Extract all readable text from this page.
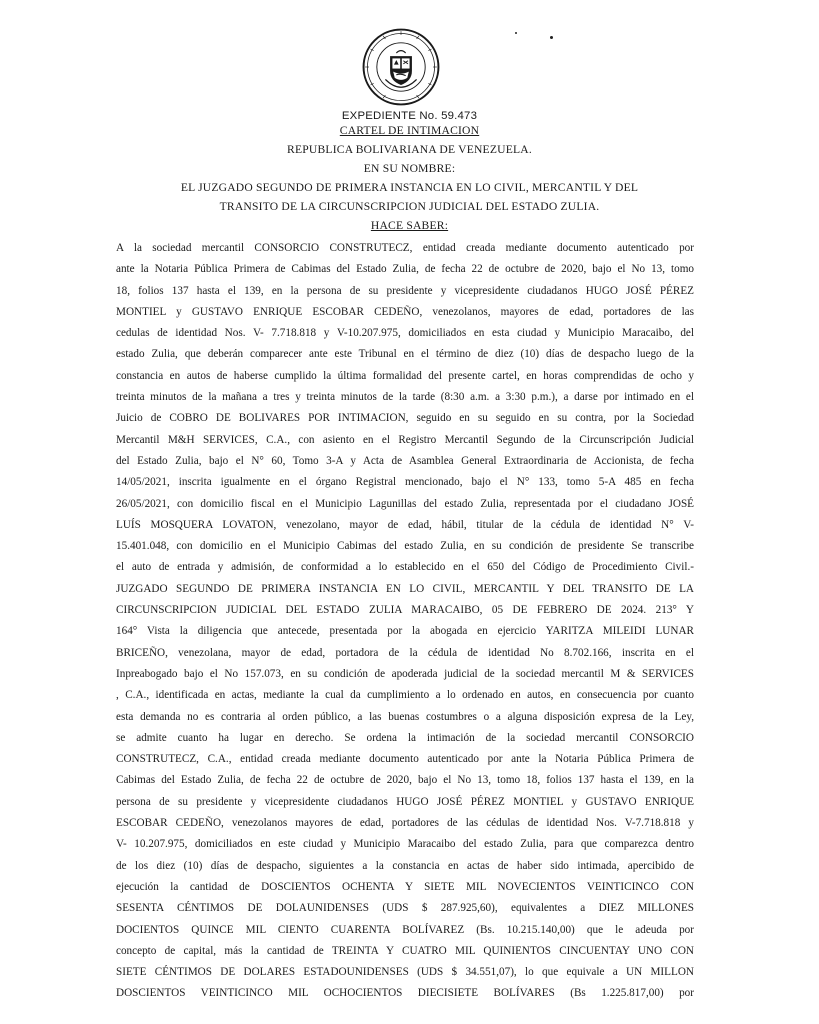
EXPEDIENTE No. 59.473
CARTEL DE INTIMACION
REPUBLICA BOLIVARIANA DE VENEZUELA.
EN SU NOMBRE:
EL JUZGADO SEGUNDO DE PRIMERA INSTANCIA EN LO CIVIL, MERCANTIL Y DEL
TRANSITO DE LA CIRCUNSCRIPCION JUDICIAL DEL ESTADO ZULIA.
HACE SABER:
A la sociedad mercantil CONSORCIO CONSTRUTECZ, entidad creada mediante documento autenticado por
ante la Notaria Pública Primera de Cabimas del Estado Zulia, de fecha 22 de octubre de 2020, bajo el No 13, tomo
18, folios 137 hasta el 139, en la persona de su presidente y vicepresidente ciudadanos HUGO JOSÉ PÉREZ
MONTIEL y GUSTAVO ENRIQUE ESCOBAR CEDEÑO, venezolanos, mayores de edad, portadores de las
cedulas de identidad Nos. V- 7.718.818 y V-10.207.975, domiciliados en esta ciudad y Municipio Maracaibo, del
estado Zulia, que deberán comparecer ante este Tribunal en el término de diez (10) días de despacho luego de la
constancia en autos de haberse cumplido la última formalidad del presente cartel, en horas comprendidas de ocho y
treinta minutos de la mañana a tres y treinta minutos de la tarde (8:30 a.m. a 3:30 p.m.), a darse por intimado en el
Juicio de COBRO DE BOLIVARES POR INTIMACION, seguido en su seguido en su contra, por la Sociedad
Mercantil M&H SERVICES, C.A., con asiento en el Registro Mercantil Segundo de la Circunscripción Judicial
del Estado Zulia, bajo el N° 60, Tomo 3-A y Acta de Asamblea General Extraordinaria de Accionista, de fecha
14/05/2021, inscrita igualmente en el órgano Registral mencionado, bajo el N° 133, tomo 5-A 485 en fecha
26/05/2021, con domicilio fiscal en el Municipio Lagunillas del estado Zulia, representada por el ciudadano JOSÉ
LUÍS MOSQUERA LOVATON, venezolano, mayor de edad, hábil, titular de la cédula de identidad N° V-
15.401.048, con domicilio en el Municipio Cabimas del estado Zulia, en su condición de presidente Se transcribe
el auto de entrada y admisión, de conformidad a lo establecido en el 650 del Código de Procedimiento Civil.-
JUZGADO SEGUNDO DE PRIMERA INSTANCIA EN LO CIVIL, MERCANTIL Y DEL TRANSITO DE LA
CIRCUNSCRIPCION JUDICIAL DEL ESTADO ZULIA MARACAIBO, 05 DE FEBRERO DE 2024. 213° Y
164° Vista la diligencia que antecede, presentada por la abogada en ejercicio YARITZA MILEIDI LUNAR
BRICEÑO, venezolana, mayor de edad, portadora de la cédula de identidad No 8.702.166, inscrita en el
Inpreabogado bajo el No 157.073, en su condición de apoderada judicial de la sociedad mercantil M & SERVICES
, C.A., identificada en actas, mediante la cual da cumplimiento a lo ordenado en autos, en consecuencia por cuanto
esta demanda no es contraria al orden público, a las buenas costumbres o a alguna disposición expresa de la Ley,
se admite cuanto ha lugar en derecho. Se ordena la intimación de la sociedad mercantil CONSORCIO
CONSTRUTECZ, C.A., entidad creada mediante documento autenticado por ante la Notaria Pública Primera de
Cabimas del Estado Zulia, de fecha 22 de octubre de 2020, bajo el No 13, tomo 18, folios 137 hasta el 139, en la
persona de su presidente y vicepresidente ciudadanos HUGO JOSÉ PÉREZ MONTIEL y GUSTAVO ENRIQUE
ESCOBAR CEDEÑO, venezolanos mayores de edad, portadores de las cédulas de identidad Nos. V-7.718.818 y
V- 10.207.975, domiciliados en este ciudad y Municipio Maracaibo del estado Zulia, para que comparezca dentro
de los diez (10) días de despacho, siguientes a la constancia en actas de haber sido intimada, apercibido de
ejecución la cantidad de DOSCIENTOS OCHENTA Y SIETE MIL NOVECIENTOS VEINTICINCO CON
SESENTA CÉNTIMOS DE DOLAUNIDENSES (UDS $ 287.925,60), equivalentes a DIEZ MILLONES
DOCIENTOS QUINCE MIL CIENTO CUARENTA BOLÍVAREZ (Bs. 10.215.140,00) que le adeuda por
concepto de capital, más la cantidad de TREINTA Y CUATRO MIL QUINIENTOS CINCUENTAY UNO CON
SIETE CÉNTIMOS DE DOLARES ESTADOUNIDENSES (UDS $ 34.551,07), lo que equivale a UN MILLON
DOSCIENTOS VEINTICINCO MIL OCHOCIENTOS DIECISIETE BOLÍVARES (Bs 1.225.817,00) por
